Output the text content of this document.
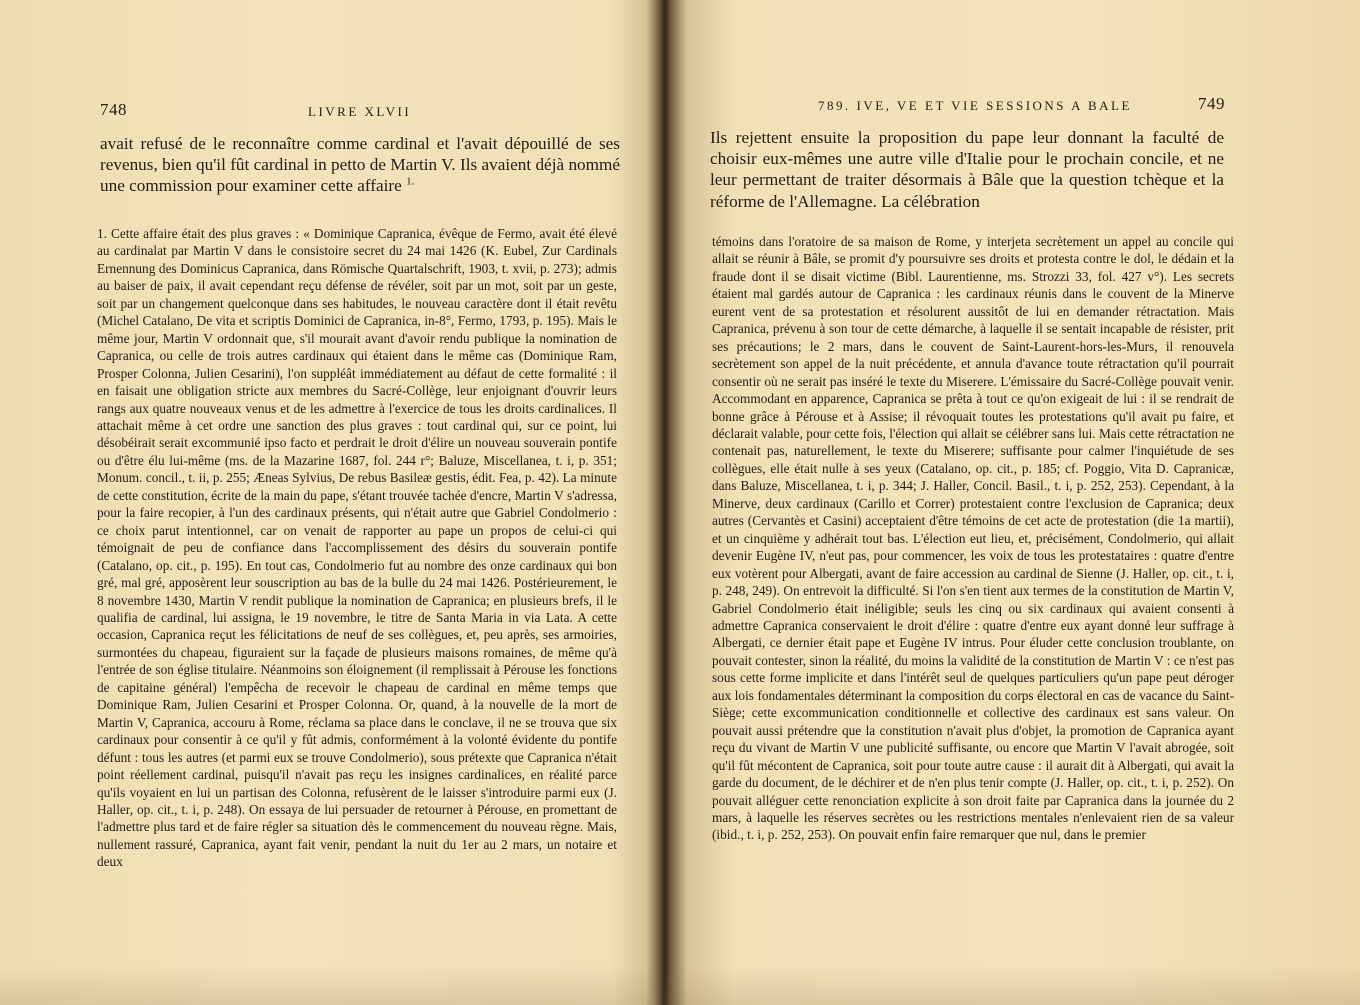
748	LIVRE XLVII
avait refusé de le reconnaître comme cardinal et l'avait dépouillé de ses revenus, bien qu'il fût cardinal in petto de Martin V. Ils avaient déjà nommé une commission pour examiner cette affaire $^{1.}$
1. Cette affaire était des plus graves : « Dominique Capranica, évêque de Fermo, avait été élevé au cardinalat par Martin V dans le consistoire secret du 24 mai 1426 (K. Eubel, Zur Cardinals Ernennung des Dominicus Capranica, dans Römische Quartalschrift, 1903, t. xvii, p. 273); admis au baiser de paix, il avait cependant reçu défense de révéler, soit par un mot, soit par un geste, soit par un changement quelconque dans ses habitudes, le nouveau caractère dont il était revêtu (Michel Catalano, De vita et scriptis Dominici de Capranica, in-8°, Fermo, 1793, p. 195). Mais le même jour, Martin V ordonnait que, s'il mourait avant d'avoir rendu publique la nomination de Capranica, ou celle de trois autres cardinaux qui étaient dans le même cas (Dominique Ram, Prosper Colonna, Julien Cesarini), l'on suppléât immédiatement au défaut de cette formalité : il en faisait une obligation stricte aux membres du Sacré-Collège, leur enjoignant d'ouvrir leurs rangs aux quatre nouveaux venus et de les admettre à l'exercice de tous les droits cardinalices. Il attachait même à cet ordre une sanction des plus graves : tout cardinal qui, sur ce point, lui désobéirait serait excommunié ipso facto et perdrait le droit d'élire un nouveau souverain pontife ou d'être élu lui-même (ms. de la Mazarine 1687, fol. 244 r°; Baluze, Miscellanea, t. i, p. 351; Monum. concil., t. ii, p. 255; Æneas Sylvius, De rebus Basileæ gestis, édit. Fea, p. 42). La minute de cette constitution, écrite de la main du pape, s'étant trouvée tachée d'encre, Martin V s'adressa, pour la faire recopier, à l'un des cardinaux présents, qui n'était autre que Gabriel Condolmerio : ce choix parut intentionnel, car on venait de rapporter au pape un propos de celui-ci qui témoignait de peu de confiance dans l'accomplissement des désirs du souverain pontife (Catalano, op. cit., p. 195). En tout cas, Condolmerio fut au nombre des onze cardinaux qui bon gré, mal gré, apposèrent leur souscription au bas de la bulle du 24 mai 1426. Postérieurement, le 8 novembre 1430, Martin V rendit publique la nomination de Capranica; en plusieurs brefs, il le qualifia de cardinal, lui assigna, le 19 novembre, le titre de Santa Maria in via Lata. A cette occasion, Capranica reçut les félicitations de neuf de ses collègues, et, peu après, ses armoiries, surmontées du chapeau, figuraient sur la façade de plusieurs maisons romaines, de même qu'à l'entrée de son église titulaire. Néanmoins son éloignement (il remplissait à Pérouse les fonctions de capitaine général) l'empêcha de recevoir le chapeau de cardinal en même temps que Dominique Ram, Julien Cesarini et Prosper Colonna. Or, quand, à la nouvelle de la mort de Martin V, Capranica, accouru à Rome, réclama sa place dans le conclave, il ne se trouva que six cardinaux pour consentir à ce qu'il y fût admis, conformément à la volonté évidente du pontife défunt : tous les autres (et parmi eux se trouve Condolmerio), sous prétexte que Capranica n'était point réellement cardinal, puisqu'il n'avait pas reçu les insignes cardinalices, en réalité parce qu'ils voyaient en lui un partisan des Colonna, refusèrent de le laisser s'introduire parmi eux (J. Haller, op. cit., t. i, p. 248). On essaya de lui persuader de retourner à Pérouse, en promettant de l'admettre plus tard et de faire régler sa situation dès le commencement du nouveau règne. Mais, nullement rassuré, Capranica, ayant fait venir, pendant la nuit du 1er au 2 mars, un notaire et deux
789. IVE, VE ET VIE SESSIONS A BALE	749
Ils rejettent ensuite la proposition du pape leur donnant la faculté de choisir eux-mêmes une autre ville d'Italie pour le prochain concile, et ne leur permettant de traiter désormais à Bâle que la question tchèque et la réforme de l'Allemagne. La célébration
témoins dans l'oratoire de sa maison de Rome, y interjeta secrètement un appel au concile qui allait se réunir à Bâle, se promit d'y poursuivre ses droits et protesta contre le dol, le dédain et la fraude dont il se disait victime (Bibl. Laurentienne, ms. Strozzi 33, fol. 427 v°). Les secrets étaient mal gardés autour de Capranica : les cardinaux réunis dans le couvent de la Minerve eurent vent de sa protestation et résolurent aussitôt de lui en demander rétractation. Mais Capranica, prévenu à son tour de cette démarche, à laquelle il se sentait incapable de résister, prit ses précautions; le 2 mars, dans le couvent de Saint-Laurent-hors-les-Murs, il renouvela secrètement son appel de la nuit précédente, et annula d'avance toute rétractation qu'il pourrait consentir où ne serait pas inséré le texte du Miserere. L'émissaire du Sacré-Collège pouvait venir. Accommodant en apparence, Capranica se prêta à tout ce qu'on exigeait de lui : il se rendrait de bonne grâce à Pérouse et à Assise; il révoquait toutes les protestations qu'il avait pu faire, et déclarait valable, pour cette fois, l'élection qui allait se célébrer sans lui. Mais cette rétractation ne contenait pas, naturellement, le texte du Miserere; suffisante pour calmer l'inquiétude de ses collègues, elle était nulle à ses yeux (Catalano, op. cit., p. 185; cf. Poggio, Vita D. Capranicæ, dans Baluze, Miscellanea, t. i, p. 344; J. Haller, Concil. Basil., t. i, p. 252, 253). Cependant, à la Minerve, deux cardinaux (Carillo et Correr) protestaient contre l'exclusion de Capranica; deux autres (Cervantès et Casini) acceptaient d'être témoins de cet acte de protestation (die 1a martii), et un cinquième y adhérait tout bas. L'élection eut lieu, et, précisément, Condolmerio, qui allait devenir Eugène IV, n'eut pas, pour commencer, les voix de tous les protestataires : quatre d'entre eux votèrent pour Albergati, avant de faire accession au cardinal de Sienne (J. Haller, op. cit., t. i, p. 248, 249). On entrevoit la difficulté. Si l'on s'en tient aux termes de la constitution de Martin V, Gabriel Condolmerio était inéligible; seuls les cinq ou six cardinaux qui avaient consenti à admettre Capranica conservaient le droit d'élire : quatre d'entre eux ayant donné leur suffrage à Albergati, ce dernier était pape et Eugène IV intrus. Pour éluder cette conclusion troublante, on pouvait contester, sinon la réalité, du moins la validité de la constitution de Martin V : ce n'est pas sous cette forme implicite et dans l'intérêt seul de quelques particuliers qu'un pape peut déroger aux lois fondamentales déterminant la composition du corps électoral en cas de vacance du Saint-Siège; cette excommunication conditionnelle et collective des cardinaux est sans valeur. On pouvait aussi prétendre que la constitution n'avait plus d'objet, la promotion de Capranica ayant reçu du vivant de Martin V une publicité suffisante, ou encore que Martin V l'avait abrogée, soit qu'il fût mécontent de Capranica, soit pour toute autre cause : il aurait dit à Albergati, qui avait la garde du document, de le déchirer et de n'en plus tenir compte (J. Haller, op. cit., t. i, p. 252). On pouvait alléguer cette renonciation explicite à son droit faite par Capranica dans la journée du 2 mars, à laquelle les réserves secrètes ou les restrictions mentales n'enlevaient rien de sa valeur (ibid., t. i, p. 252, 253). On pouvait enfin faire remarquer que nul, dans le premier
